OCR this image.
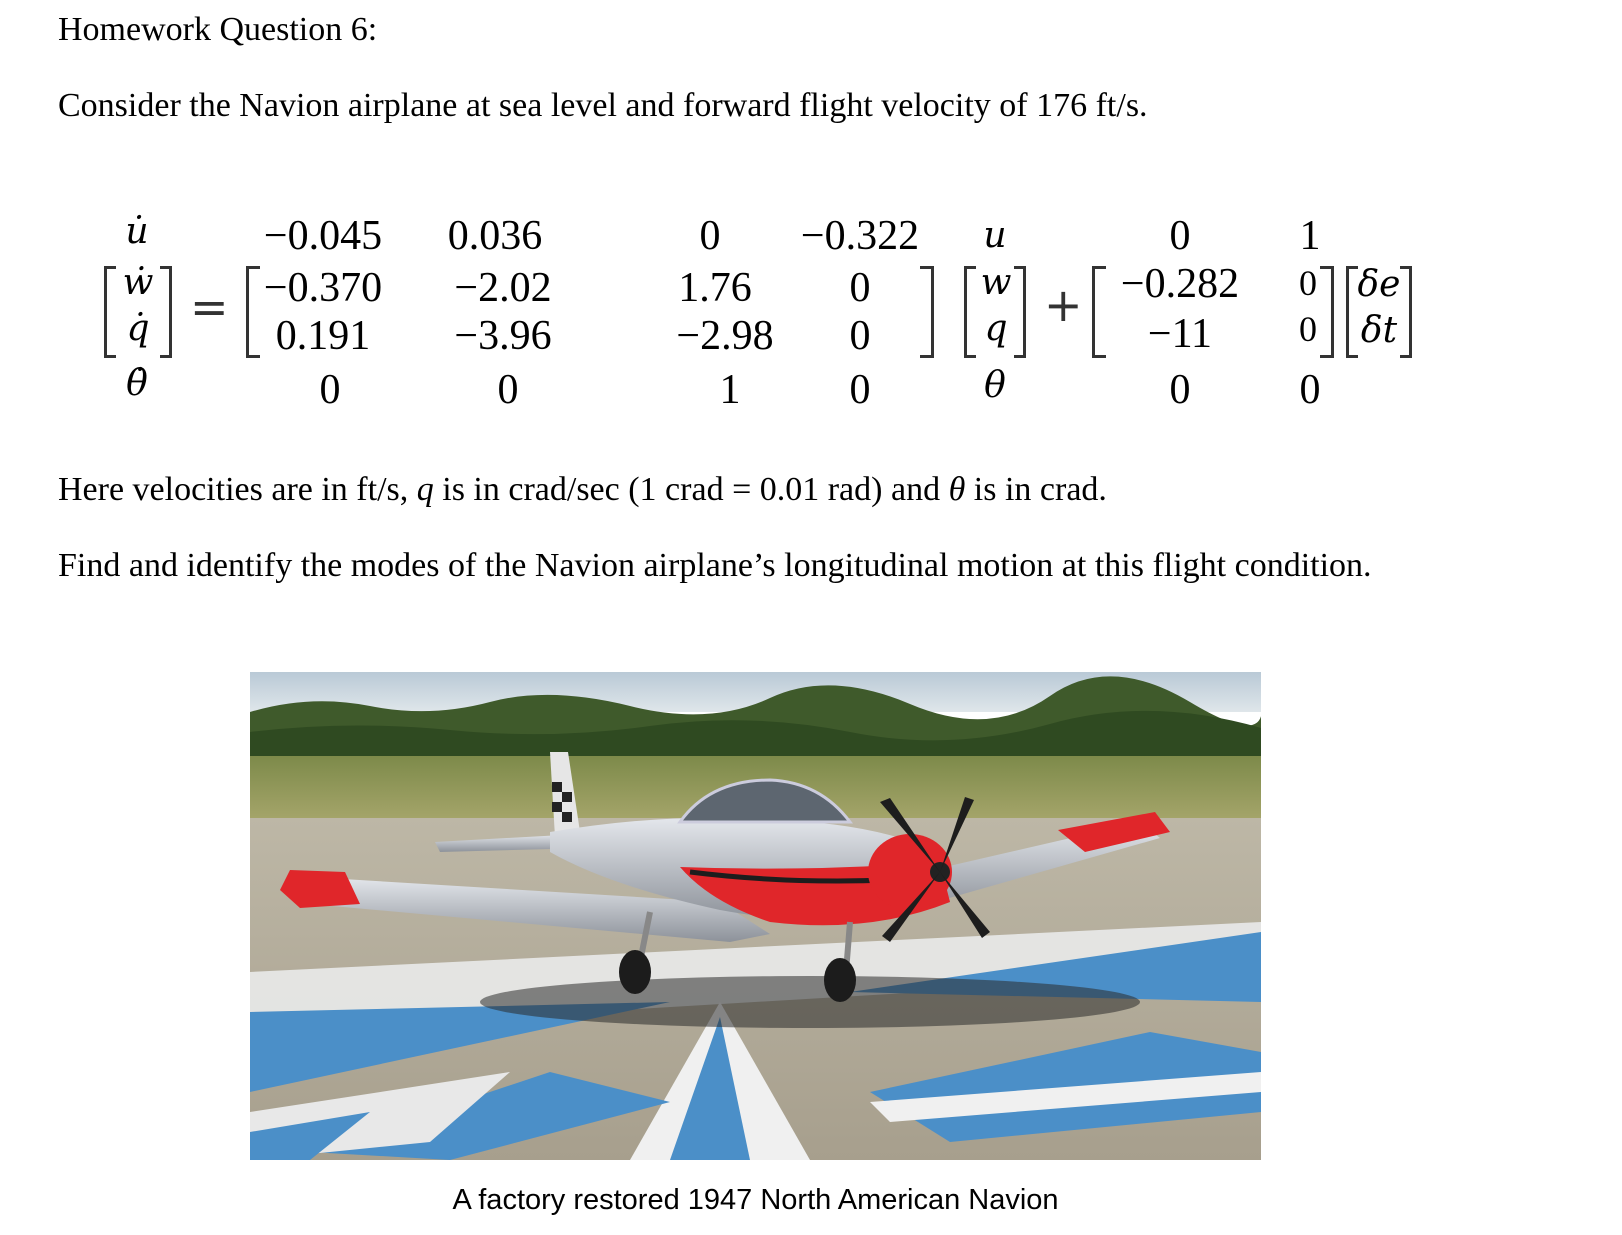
Homework Question 6:
Consider the Navion airplane at sea level and forward flight velocity of 176 ft/s.
u̇
ẇ
q̇
θ̇
=
−0.045	0.036	0	−0.322
−0.370	−2.02	1.76	0
0.191	−3.96	−2.98	0
0	0	1	0
u
w
q
θ
+
0	1
−0.282	0
−11	0
0	0
δe
δt
Here velocities are in ft/s, q is in crad/sec (1 crad = 0.01 rad) and θ is in crad.
Find and identify the modes of the Navion airplane’s longitudinal motion at this flight condition.
A factory restored 1947 North American Navion
